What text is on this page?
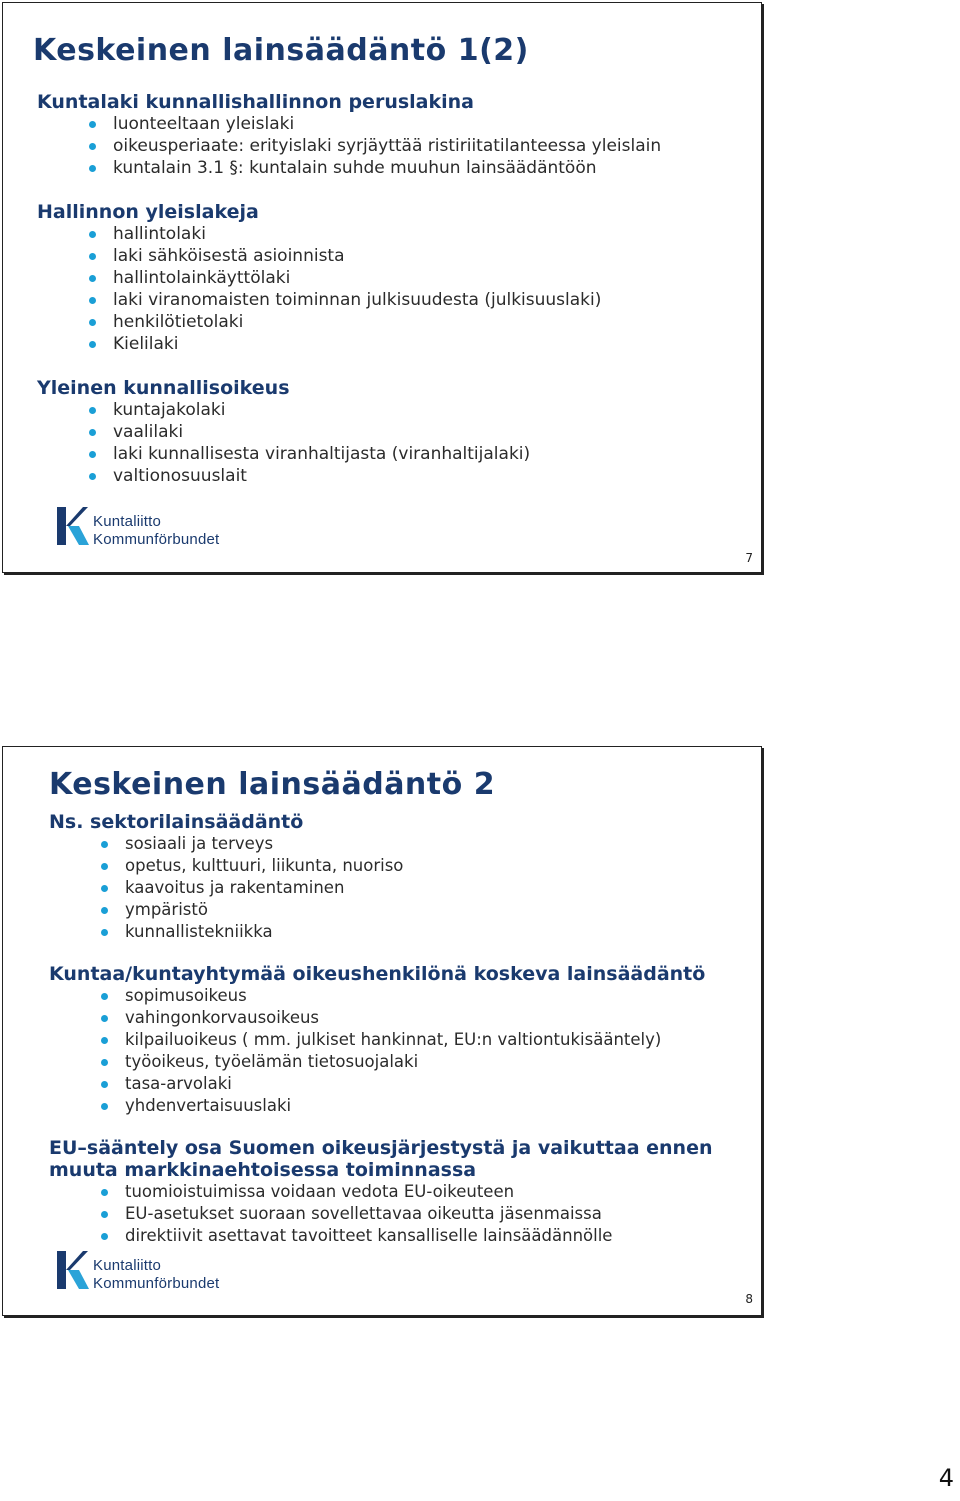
Keskeinen lainsäädäntö 1(2)

Kuntalaki kunnallishallinnon peruslakina

luonteeltaan yleislaki
oikeusperiaate: erityislaki syrjäyttää ristiriitatilanteessa yleislain
kuntalain 3.1 §: kuntalain suhde muuhun lainsäädäntöön

Hallinnon yleislakeja

hallintolaki
laki sähköisestä asioinnista
hallintolainkäyttölaki
laki viranomaisten toiminnan julkisuudesta (julkisuuslaki)
henkilötietolaki
Kielilaki

Yleinen kunnallisoikeus

kuntajakolaki
vaalilaki
laki kunnallisesta viranhaltijasta (viranhaltijalaki)
valtionosuuslait
Kuntaliitto
Kommunförbundet
7
Keskeinen lainsäädäntö 2

Ns. sektorilainsäädäntö

sosiaali ja terveys
opetus, kulttuuri, liikunta, nuoriso
kaavoitus ja rakentaminen
ympäristö
kunnallistekniikka

Kuntaa/kuntayhtymää oikeushenkilönä koskeva lainsäädäntö

sopimusoikeus
vahingonkorvausoikeus
kilpailuoikeus ( mm. julkiset hankinnat, EU:n valtiontukisääntely)
työoikeus, työelämän tietosuojalaki
tasa-arvolaki
yhdenvertaisuuslaki

EU–sääntely osa Suomen oikeusjärjestystä ja vaikuttaa ennen muuta markkinaehtoisessa toiminnassa

tuomioistuimissa voidaan vedota EU-oikeuteen
EU-asetukset suoraan sovellettavaa oikeutta jäsenmaissa
direktiivit asettavat tavoitteet kansalliselle lainsäädännölle
Kuntaliitto
Kommunförbundet
8
4
